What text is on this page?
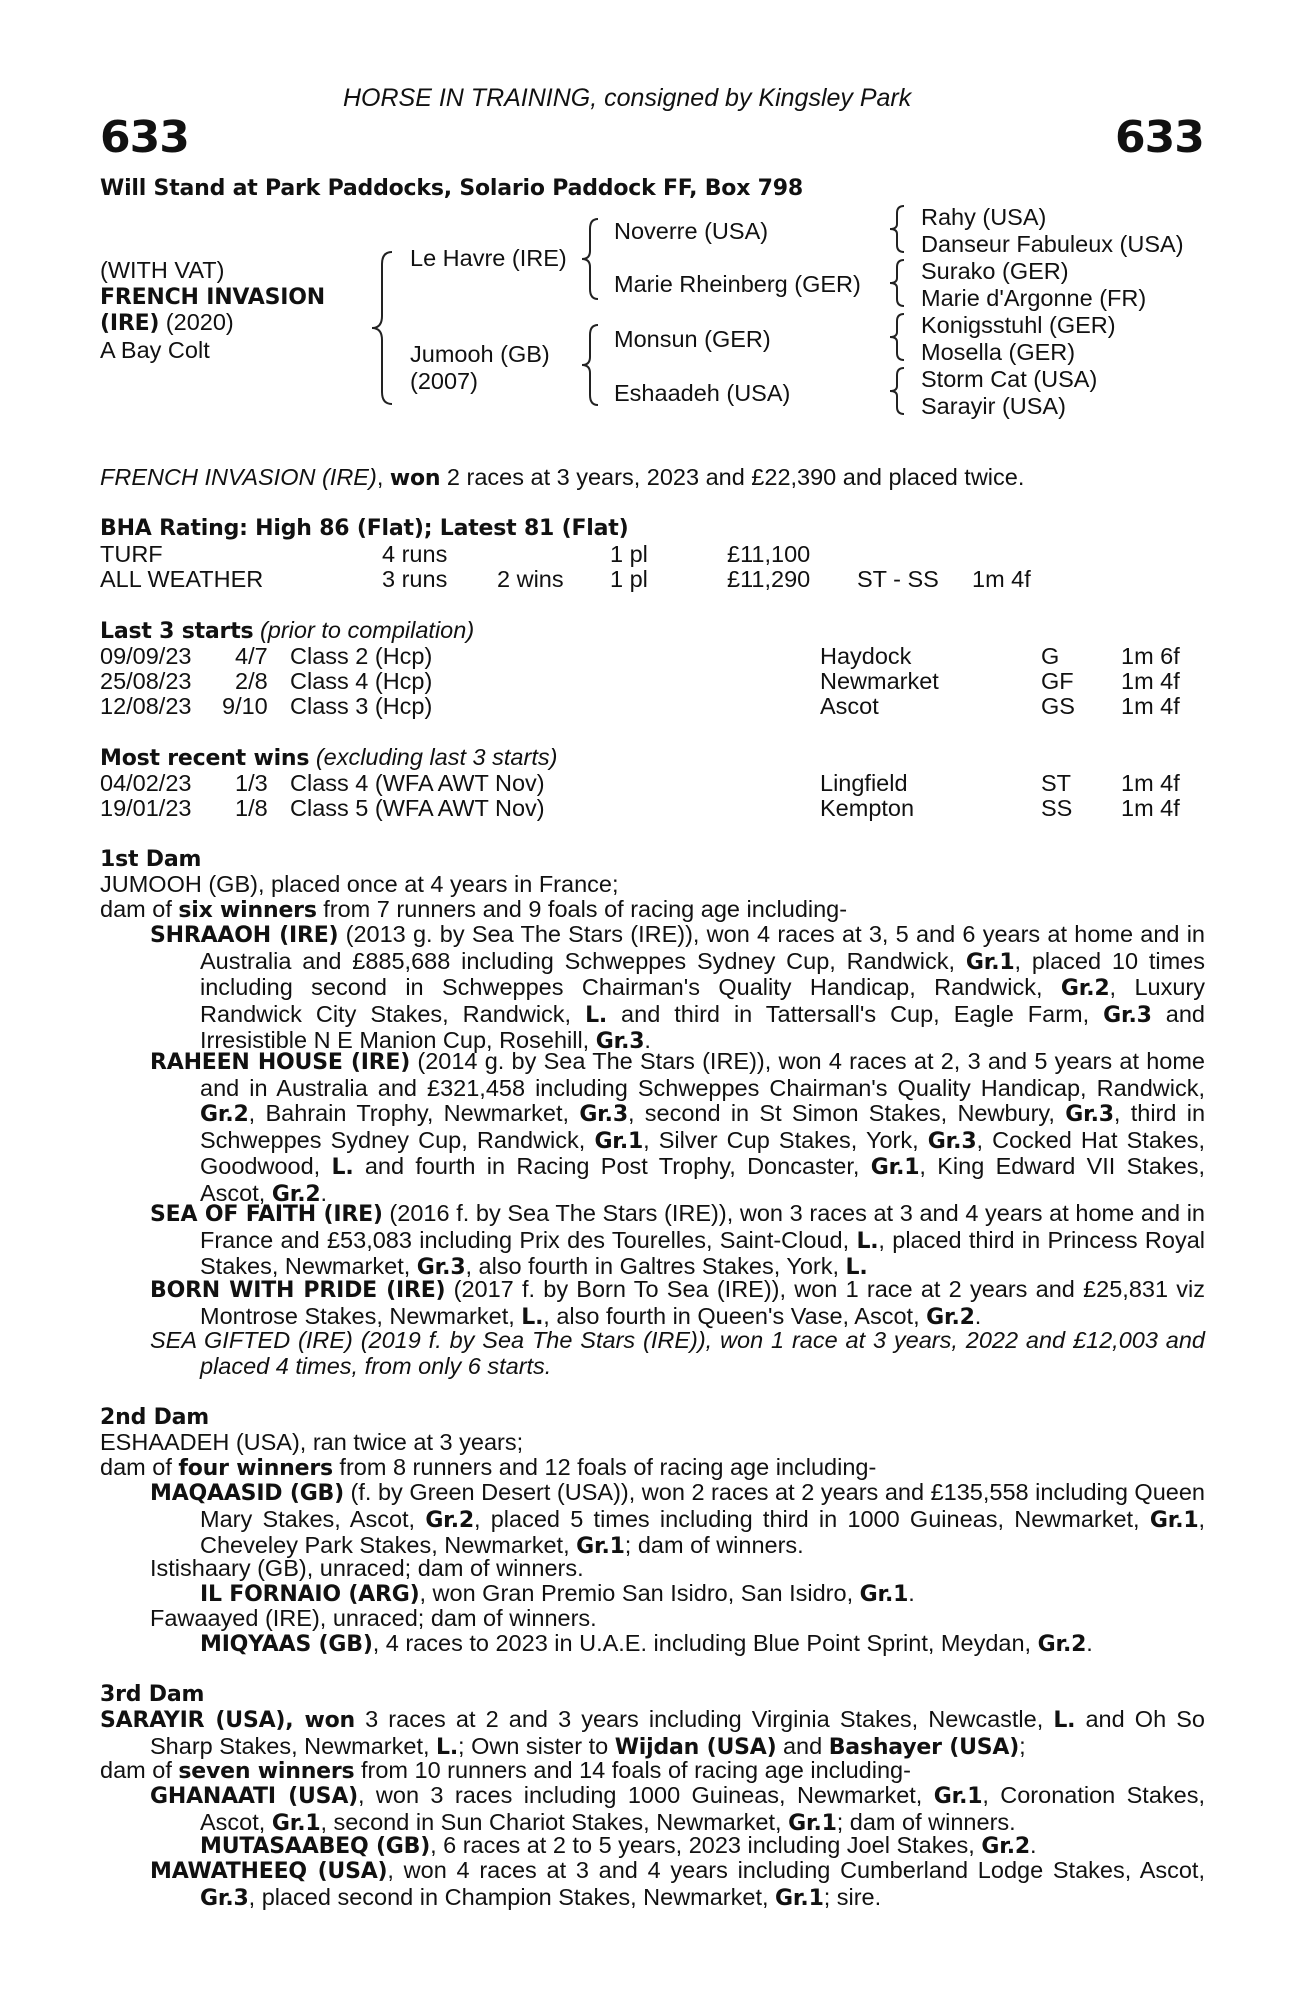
HORSE IN TRAINING, consigned by Kingsley Park
633	633
Will Stand at Park Paddocks, Solario Paddock FF, Box 798
(WITH VAT)
FRENCH INVASION
(IRE) (2020)
A Bay Colt
Le Havre (IRE)
Jumooh (GB)
(2007)
Noverre (USA)
Marie Rheinberg (GER)
Monsun (GER)
Eshaadeh (USA)
Rahy (USA)
Danseur Fabuleux (USA)
Surako (GER)
Marie d'Argonne (FR)
Konigsstuhl (GER)
Mosella (GER)
Storm Cat (USA)
Sarayir (USA)
FRENCH INVASION (IRE), won 2 races at 3 years, 2023 and £22,390 and placed twice.
BHA Rating: High 86 (Flat); Latest 81 (Flat)
TURF	4 runs	1 pl	£11,100
ALL WEATHER	3 runs 2 wins 1 pl	£11,290 ST - SS 1m 4f
Last 3 starts (prior to compilation)
09/09/23 4/7 Class 2 (Hcp)	Haydock	G	1m 6f
25/08/23 2/8 Class 4 (Hcp)	Newmarket	GF 1m 4f
12/08/23 9/10 Class 3 (Hcp)	Ascot	GS 1m 4f
Most recent wins (excluding last 3 starts)
04/02/23 1/3 Class 4 (WFA AWT Nov)	Lingfield	ST 1m 4f
19/01/23 1/8 Class 5 (WFA AWT Nov)	Kempton	SS 1m 4f
1st Dam
JUMOOH (GB), placed once at 4 years in France;
dam of six winners from 7 runners and 9 foals of racing age including-
SHRAAOH (IRE) (2013 g. by Sea The Stars (IRE)), won 4 races at 3, 5 and 6 years at home and in Australia and £885,688 including Schweppes Sydney Cup, Randwick, Gr.1, placed 10 times including second in Schweppes Chairman's Quality Handicap, Randwick, Gr.2, Luxury Randwick City Stakes, Randwick, L. and third in Tattersall's Cup, Eagle Farm, Gr.3 and Irresistible N E Manion Cup, Rosehill, Gr.3.
RAHEEN HOUSE (IRE) (2014 g. by Sea The Stars (IRE)), won 4 races at 2, 3 and 5 years at home and in Australia and £321,458 including Schweppes Chairman's Quality Handicap, Randwick, Gr.2, Bahrain Trophy, Newmarket, Gr.3, second in St Simon Stakes, Newbury, Gr.3, third in Schweppes Sydney Cup, Randwick, Gr.1, Silver Cup Stakes, York, Gr.3, Cocked Hat Stakes, Goodwood, L. and fourth in Racing Post Trophy, Doncaster, Gr.1, King Edward VII Stakes, Ascot, Gr.2.
SEA OF FAITH (IRE) (2016 f. by Sea The Stars (IRE)), won 3 races at 3 and 4 years at home and in France and £53,083 including Prix des Tourelles, Saint-Cloud, L., placed third in Princess Royal Stakes, Newmarket, Gr.3, also fourth in Galtres Stakes, York, L.
BORN WITH PRIDE (IRE) (2017 f. by Born To Sea (IRE)), won 1 race at 2 years and £25,831 viz Montrose Stakes, Newmarket, L., also fourth in Queen's Vase, Ascot, Gr.2.
SEA GIFTED (IRE) (2019 f. by Sea The Stars (IRE)), won 1 race at 3 years, 2022 and £12,003 and placed 4 times, from only 6 starts.
2nd Dam
ESHAADEH (USA), ran twice at 3 years;
dam of four winners from 8 runners and 12 foals of racing age including-
MAQAASID (GB) (f. by Green Desert (USA)), won 2 races at 2 years and £135,558 including Queen Mary Stakes, Ascot, Gr.2, placed 5 times including third in 1000 Guineas, Newmarket, Gr.1, Cheveley Park Stakes, Newmarket, Gr.1; dam of winners.
Istishaary (GB), unraced; dam of winners.
IL FORNAIO (ARG), won Gran Premio San Isidro, San Isidro, Gr.1.
Fawaayed (IRE), unraced; dam of winners.
MIQYAAS (GB), 4 races to 2023 in U.A.E. including Blue Point Sprint, Meydan, Gr.2.
3rd Dam
SARAYIR (USA), won 3 races at 2 and 3 years including Virginia Stakes, Newcastle, L. and Oh So Sharp Stakes, Newmarket, L.; Own sister to Wijdan (USA) and Bashayer (USA);
dam of seven winners from 10 runners and 14 foals of racing age including-
GHANAATI (USA), won 3 races including 1000 Guineas, Newmarket, Gr.1, Coronation Stakes, Ascot, Gr.1, second in Sun Chariot Stakes, Newmarket, Gr.1; dam of winners.
MUTASAABEQ (GB), 6 races at 2 to 5 years, 2023 including Joel Stakes, Gr.2.
MAWATHEEQ (USA), won 4 races at 3 and 4 years including Cumberland Lodge Stakes, Ascot, Gr.3, placed second in Champion Stakes, Newmarket, Gr.1; sire.
